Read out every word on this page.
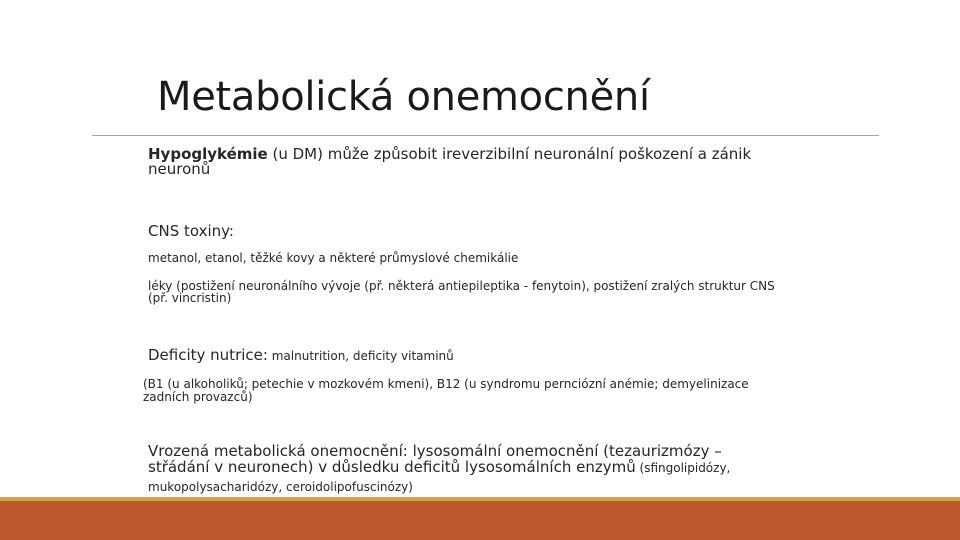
Metabolická onemocnění
Hypoglykémie (u DM) může způsobit ireverzibilní neuronální poškození a zánik neuronů
CNS toxiny:
metanol, etanol, těžké kovy a některé průmyslové chemikálie
léky (postižení neuronálního vývoje (př. některá antiepileptika - fenytoin), postižení zralých struktur CNS (př. vincristin)
Deficity nutrice: malnutrition, deficity vitaminů
(B1 (u alkoholiků; petechie v mozkovém kmeni), B12 (u syndromu pernciózní anémie; demyelinizace zadních provazců)
Vrozená metabolická onemocnění: lysosomální onemocnění (tezaurizmózy – střádání v neuronech) v důsledku deficitů lysosomálních enzymů (sfingolipidózy,
mukopolysacharidózy, ceroidolipofuscinózy)
